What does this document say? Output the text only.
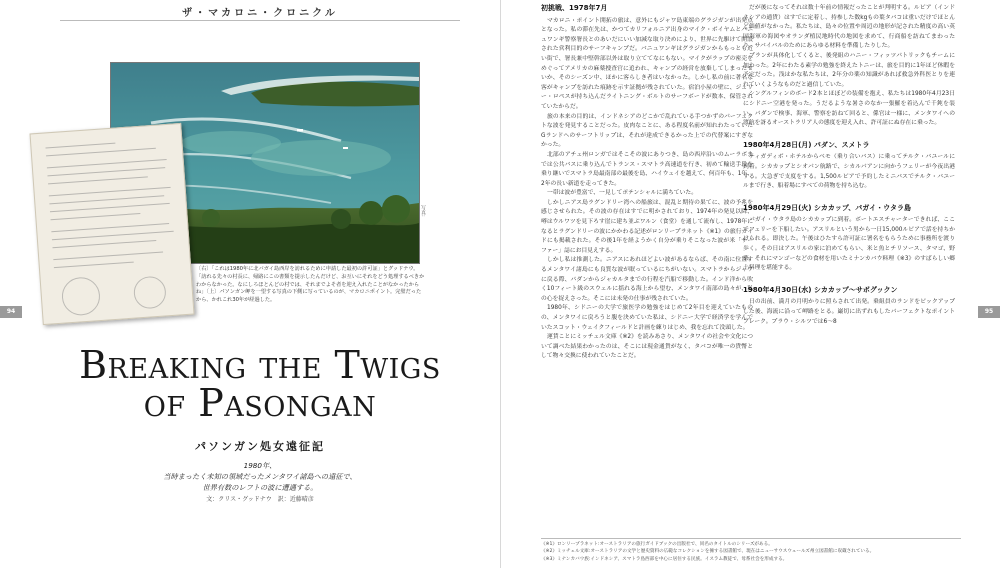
ザ・マカロニ・クロニクル
写真:
〔右〕「これは1980年に北バガイ島西岸を訪れるために申請した最初の許可証」とグッドナウ。「訪れる先々の村長に、帰路にこの書類を提示したんだけど、お互いにそれをどう処理するべきかわからなかった。なにしろほとんどの村では、それまでよそ者を迎え入れたことがなかったからね」〔上〕パソンガン岬を一望する写真の下側に写っているのが、マカロニポイント。完璧だったから、かれこれ30年が経過した。
94
Breaking the Twigs
of Pasongan
パソンガン処女遠征記
1980年、
当時まったく未知の領域だったメンタワイ諸島への遠征で、
世界有数のレフトの波に遭遇する。
文：クリス・グッドナウ　訳：近藤晴彦

初挑戦、1978年7月

マカロニ・ポイント開拓の旅は、意外にもジャワ島東端のグラジガンが出発点となった。私の滞在先は、かつてカリフォルニア出身のマイク・ボイヤムとバニュワンギ警察署長とのあいだにいい加減な取り決めにより、世界に先駆けて開設された営利目的のサーフキャンプだ。バニュワンギはグラジガンからもっとも近い街で、署長兼中堅幹部以外は取り立ててなにもない。マイクがラップの密売をめぐってアメリカの麻薬捜査官に追われ、キャンプの経営を放棄してしまったせいか、そのシーズン中、ほかに客らしき者はいなかった。しかし私の前に著名な客がキャンプを訪れた痕跡を示す証拠が残されていた。宿泊小屋の壁に、ジェリー・ロペスが持ち込んだライトニング・ボルトのサーフボードが数本、保管されていたからだ。

旅の本来の目的は、インドネシアのどこかで乱れている手つかずのパーフェクトな波を発見することだった。皮肉なことに、ある程度名前が知れわたっていたGランドへのサーフトリップは、それが達成できるかった上での代替案にすぎなかった。

北部のアチェ州ロンガではそこその波にありつき、島の西岸沿いのムーラボまでは公共バスに乗り込んでトランス・スマトラ高速道を行き、初めて輸送手段を乗り継いでスマトラ島最南部の最後を島、ハイウェイを越えて、何百年も、1年、2年の長い新道を走ってきた。

一帯は波が豊富で、一見してポテンシャルに満ちていた。

しかしニアス島ラグンドリー湾への船旅は、混乱と期待の果てに、波の予兆を感じさせられた。その波の存在はすでに明かされており、1974年の発見以降、噂はウルワツを見下ろす崖に建ち並ぶワルン（食堂）を通して流布し、1978年になるとラグンドリーの波にかかわる記述がロンリープラネット《※1》の旅行ガイドにも掲載された。その後1年を経ようかく自分が乗りそこなった波が米「サーファー」誌にお目見えする。

しかし私は推測した。ニアスにあれほどよい波があるならば、その南に位置するメンタワイ諸島にも良質な波が眠っているにちがいない。スマトラからジャワに戻る際、パダンからジャカルタまでの行程を汽船で移動した。インド洋から吹く10フィート級のスウェルに揺れる海上から望む、メンタワイ南部の島々が、私の心を捉えさった。そこには未発の仕事が残されていた。

1980年、シドニーの大学で旅医学の勉強をはじめて2年目を迎えていたものの、メンタワイに戻ろうと腹を決めていた私は、シドニー大学で経済学を学んでいたスコット・ウェイクフィールドと計画を練りはじめ、我を忘れて没頭した。

運賃ことにミッチェル文庫《※2》を読みあさり、メンタワイの社会や文化について調べた結果わかったのは、そこには現金通貨がなく、タバコが唯一の貨幣として物々交換に使われていたことだ。

だが後になってそれは数十年前の情報だったことが判明する。ルピア（インドネシアの通貨）はすでに定着し、持参した数kgもの葉タバコは重いだけでほとんど価値がなかった。私たちは、島々の位置や周辺の地形が記された精度の高い英国海軍の海図やオランダ植民地時代の地図を求めて、行商船を訪ねてまわったり、サバイバルのためにあらゆる材料を準備したりした。

プランが具体化してくると、後発組のハニー・フィッツパトリックもチームに加わった。2年にわたる素学の勉強を終えたトニーは、旅を目的に1年ほど休暇を予定だった。浅はかな私たちは、2年分の薬の知識があれば救急外科医とりを連れていくようなものだと過信していた。

シングルフィンのボード2本とほぼどの装備を抱え、私たちは1980年4月23日にシドニー空港を発った。うだるような暑さのなか一張羅を着込んで千鈍を装い、パダンで検事、海軍、警察を訪ねて回ると、係官は一様に、メンタワイへの渡航を訝るオーストラリア人の態度を迎え入れ、許可証にぬ存在に乗った。

1980年4月28日(月) パダン、スメトラ

ティガディボ・ホテルからベモ（乗り合いバス）に乗ってテルク・バユールに到着。シカカップとシオパン航路で、シカルパアンに向かうフェリーが今夜出港する。大急ぎで支度をする。1,500ルピアで予約したミニバスでテルク・バユールまで行き、船着場にすべての荷物を持ち込む。

1980年4月29日(火) シカカップ、パガイ・ウタラ島

パガイ・ウタラ島のシカカップに到着。ボートエスチャーターできれば、ここでフェリーを下船したい。アスリルという男から一日15,000ルピアで話を持ちかけられる。即決した。午後はひたすら許可証に署名をもらうために事務所を渡り歩く。その日はアスリルの家に泊めてもらい、米と魚とチリソース、タマゴ、野菜。それにマンゴーなどの食材を用いたミナンカバウ料理《※3》のすばらしい郷土料理を堪能する。

1980年4月30日(水) シカカップ〜サボグックン

日の出前、満月の月明かりに照らされて出発。乗組員のランドをピックアップした後、海流に沿って岬路をとる。巌切に出ずれもしたパーフェクトなポイントブレーク。プラウ・シルツでは6〜8

95
《※1》ロンリープラネット:オーストラリアの旅行ガイドブックの出版社で、同名のタイトルのシリーズがある。
《※2》ミッチェル文庫:オーストラリアの文学と歴史資料の広範なコレクションを擁する図書館で、現在はニューサウスウェールズ州立図書館に収蔵されている。
《※3》ミナンカバウ族:インドネシア、スマトラ島西部を中心に居住する民族。イスラム教徒で、母系社会を形成する。
